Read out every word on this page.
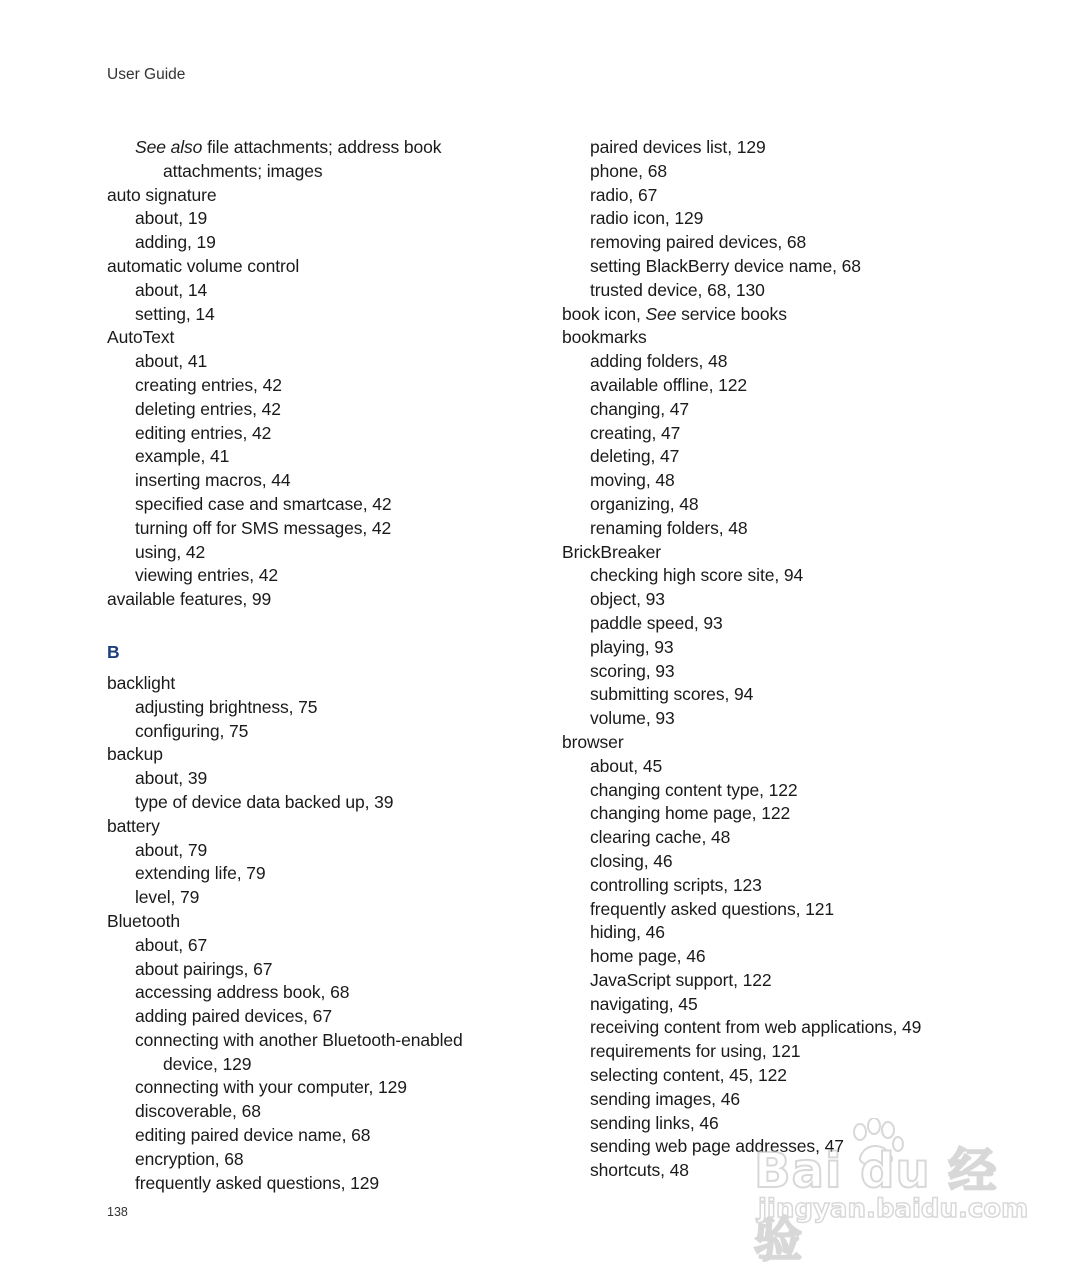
User Guide
See also file attachments; address book
attachments; images
auto signature
about, 19
adding, 19
automatic volume control
about, 14
setting, 14
AutoText
about, 41
creating entries, 42
deleting entries, 42
editing entries, 42
example, 41
inserting macros, 44
specified case and smartcase, 42
turning off for SMS messages, 42
using, 42
viewing entries, 42
available features, 99
B
backlight
adjusting brightness, 75
configuring, 75
backup
about, 39
type of device data backed up, 39
battery
about, 79
extending life, 79
level, 79
Bluetooth
about, 67
about pairings, 67
accessing address book, 68
adding paired devices, 67
connecting with another Bluetooth-enabled
device, 129
connecting with your computer, 129
discoverable, 68
editing paired device name, 68
encryption, 68
frequently asked questions, 129
paired devices list, 129
phone, 68
radio, 67
radio icon, 129
removing paired devices, 68
setting BlackBerry device name, 68
trusted device, 68, 130
book icon, See service books
bookmarks
adding folders, 48
available offline, 122
changing, 47
creating, 47
deleting, 47
moving, 48
organizing, 48
renaming folders, 48
BrickBreaker
checking high score site, 94
object, 93
paddle speed, 93
playing, 93
scoring, 93
submitting scores, 94
volume, 93
browser
about, 45
changing content type, 122
changing home page, 122
clearing cache, 48
closing, 46
controlling scripts, 123
frequently asked questions, 121
hiding, 46
home page, 46
JavaScript support, 122
navigating, 45
receiving content from web applications, 49
requirements for using, 121
selecting content, 45, 122
sending images, 46
sending links, 46
sending web page addresses, 47
shortcuts, 48
138
Bai du 经验
jingyan.baidu.com
